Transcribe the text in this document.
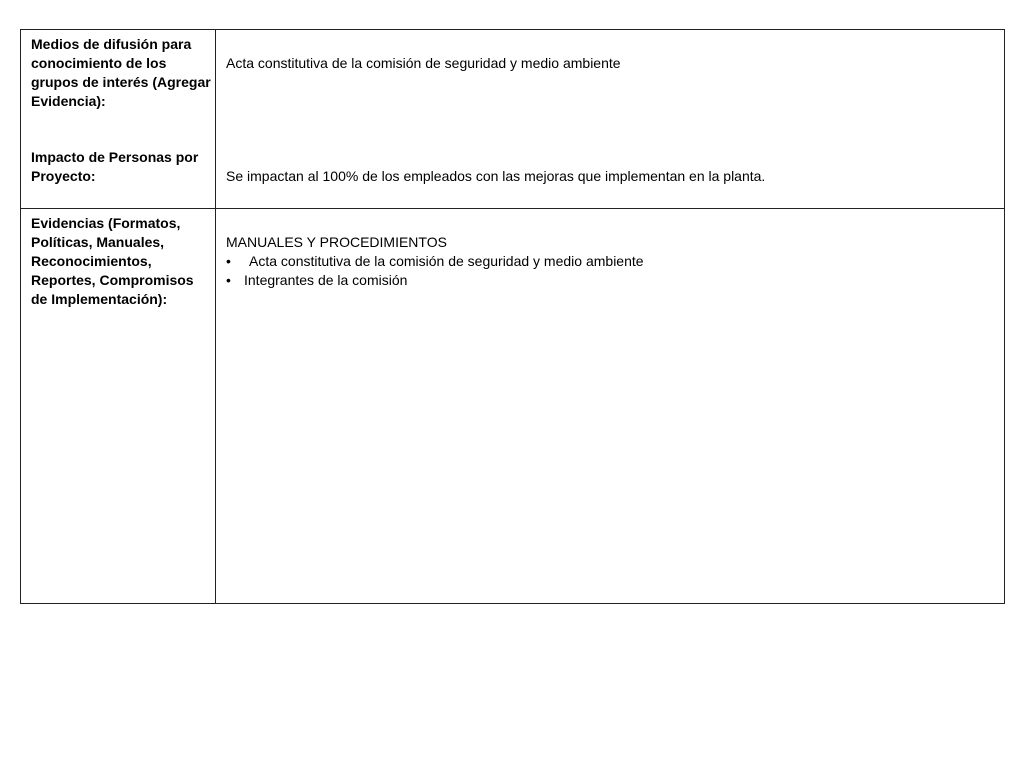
Medios de difusión para conocimiento de los grupos de interés (Agregar Evidencia):
Acta constitutiva de la comisión de seguridad y medio ambiente
Impacto de Personas por Proyecto:	Se impactan al 100% de los empleados con las mejoras que implementan en la planta.
Evidencias (Formatos, Políticas, Manuales, Reconocimientos, Reportes, Compromisos de Implementación):
MANUALES Y PROCEDIMIENTOS
•	Acta constitutiva de la comisión de seguridad y medio ambiente
• Integrantes de la comisión
